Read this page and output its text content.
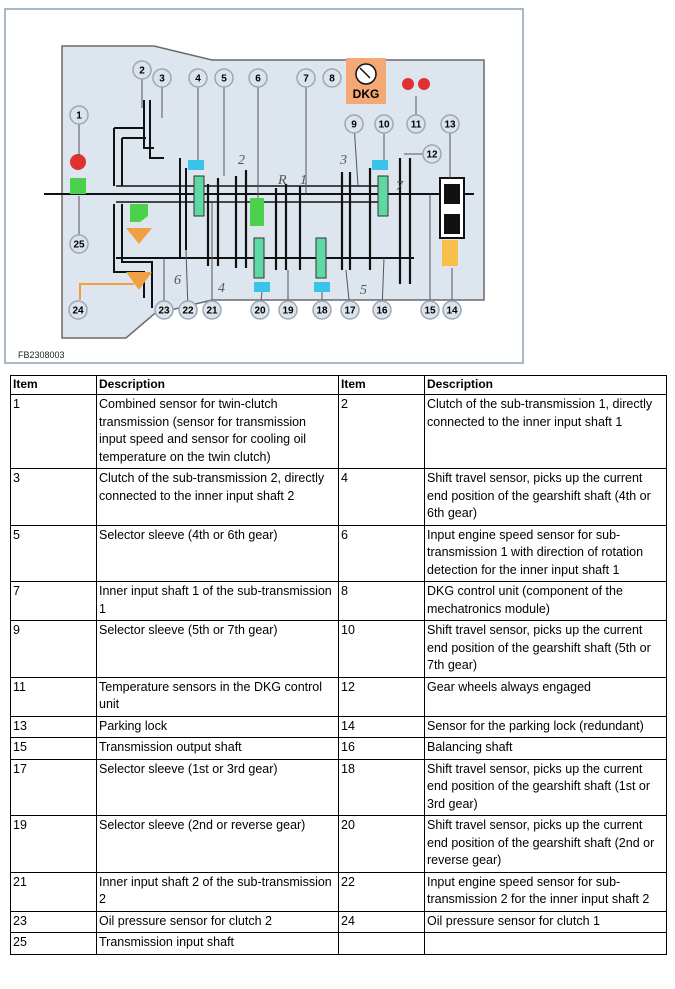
DKG
2
R 1
3
7
4
6
5
1
2
3	4 5	6	7 8
9 10 11
12
13
14
15
16
17
18
19
20
21
22
23
24
25
FB2308003
Item	Description	Item	Description
1	Combined sensor for twin-clutch transmission (sensor for transmission input speed and sensor for cooling oil temperature on the twin clutch)	2	Clutch of the sub-transmission 1, directly connected to the inner input shaft 1
3	Clutch of the sub-transmission 2, directly connected to the inner input shaft 2	4	Shift travel sensor, picks up the current end position of the gearshift shaft (4th or 6th gear)
5	Selector sleeve (4th or 6th gear)	6	Input engine speed sensor for sub-transmission 1 with direction of rotation detection for the inner input shaft 1
7	Inner input shaft 1 of the sub-transmission 1	8	DKG control unit (component of the mechatronics module)
9	Selector sleeve (5th or 7th gear)	10	Shift travel sensor, picks up the current end position of the gearshift shaft (5th or 7th gear)
11	Temperature sensors in the DKG control unit	12	Gear wheels always engaged
13	Parking lock	14	Sensor for the parking lock (redundant)
15	Transmission output shaft	16	Balancing shaft
17	Selector sleeve (1st or 3rd gear)	18	Shift travel sensor, picks up the current end position of the gearshift shaft (1st or 3rd gear)
19	Selector sleeve (2nd or reverse gear)	20	Shift travel sensor, picks up the current end position of the gearshift shaft (2nd or reverse gear)
21	Inner input shaft 2 of the sub-transmission 2	22	Input engine speed sensor for sub-transmission 2 for the inner input shaft 2
23	Oil pressure sensor for clutch 2	24	Oil pressure sensor for clutch 1
25	Transmission input shaft		
